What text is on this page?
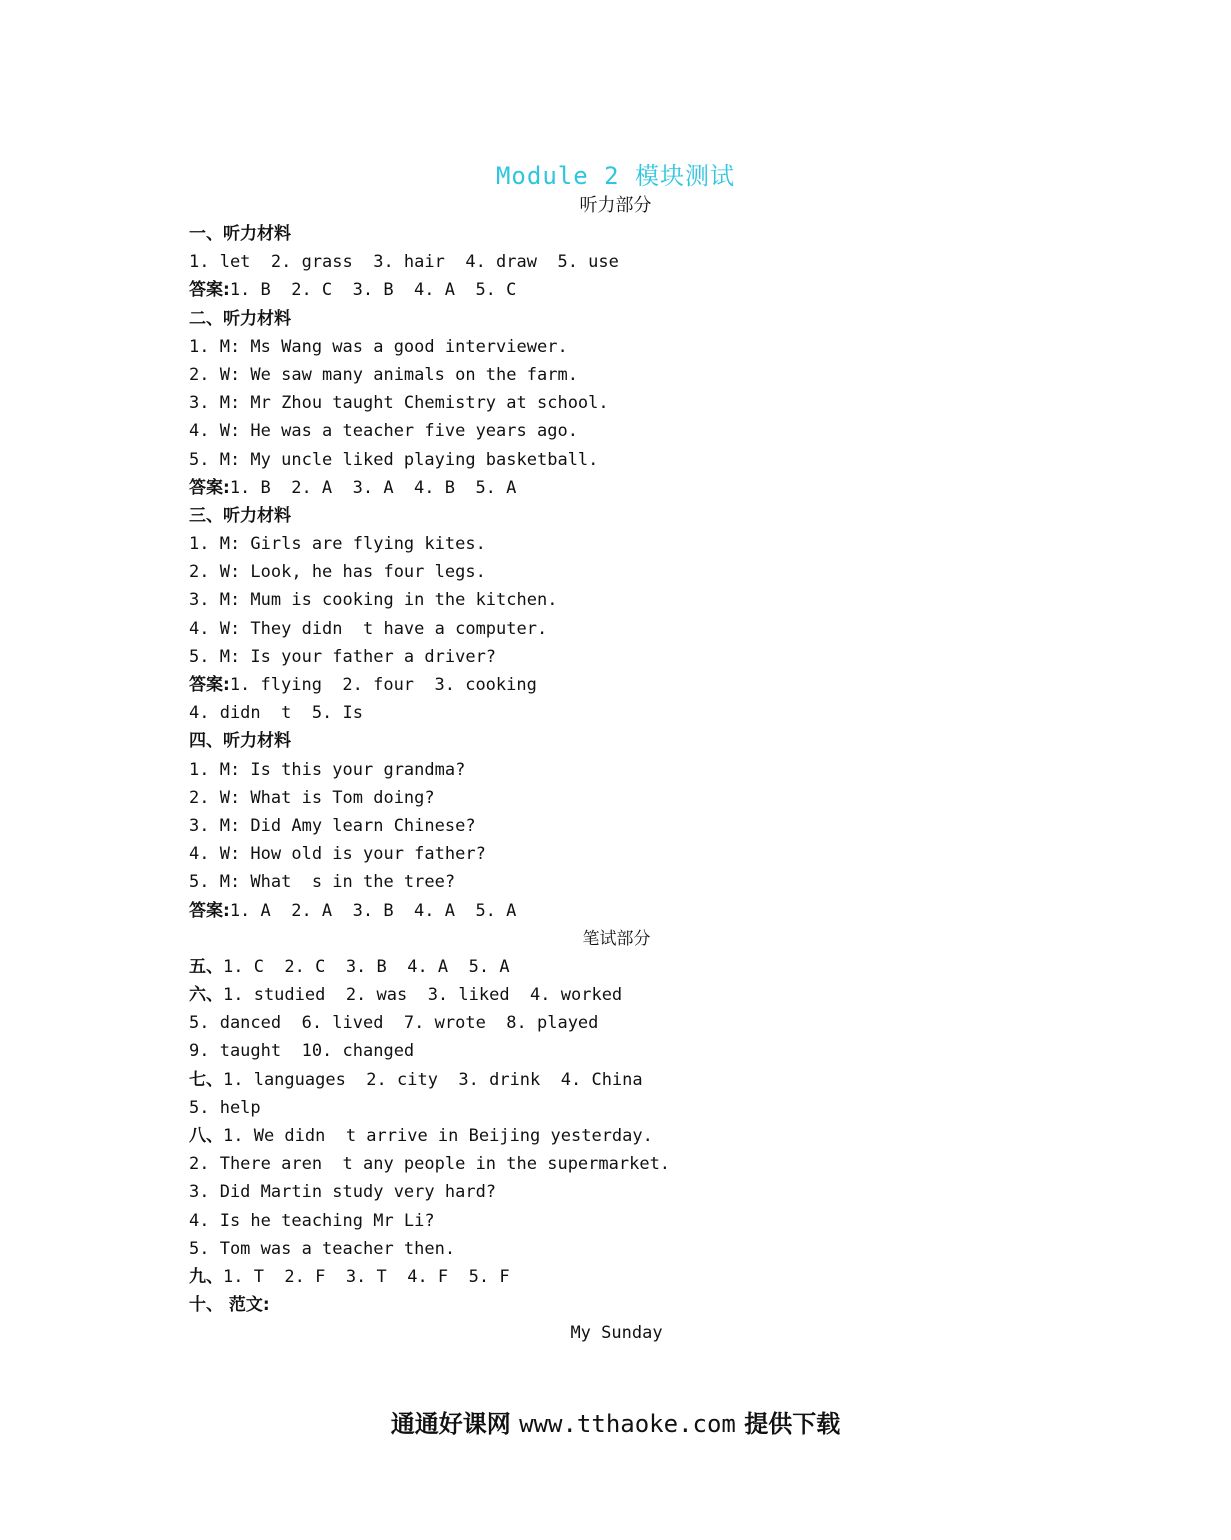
Module 2 模块测试
听力部分
一、听力材料
1. let  2. grass  3. hair  4. draw  5. use
答案:1. B  2. C  3. B  4. A  5. C
二、听力材料
1. M: Ms Wang was a good interviewer.
2. W: We saw many animals on the farm.
3. M: Mr Zhou taught Chemistry at school.
4. W: He was a teacher five years ago.
5. M: My uncle liked playing basketball.
答案:1. B  2. A  3. A  4. B  5. A
三、听力材料
1. M: Girls are flying kites.
2. W: Look, he has four legs.
3. M: Mum is cooking in the kitchen.
4. W: They didn  t have a computer.
5. M: Is your father a driver?
答案:1. flying  2. four  3. cooking
4. didn  t  5. Is
四、听力材料
1. M: Is this your grandma?
2. W: What is Tom doing?
3. M: Did Amy learn Chinese?
4. W: How old is your father?
5. M: What  s in the tree?
答案:1. A  2. A  3. B  4. A  5. A
笔试部分
五、1. C  2. C  3. B  4. A  5. A
六、1. studied  2. was  3. liked  4. worked
5. danced  6. lived  7. wrote  8. played
9. taught  10. changed
七、1. languages  2. city  3. drink  4. China
5. help
八、1. We didn  t arrive in Beijing yesterday.
2. There aren  t any people in the supermarket.
3. Did Martin study very hard?
4. Is he teaching Mr Li?
5. Tom was a teacher then.
九、1. T  2. F  3. T  4. F  5. F
十、 范文:
My Sunday
通通好课网 www.tthaoke.com 提供下载
